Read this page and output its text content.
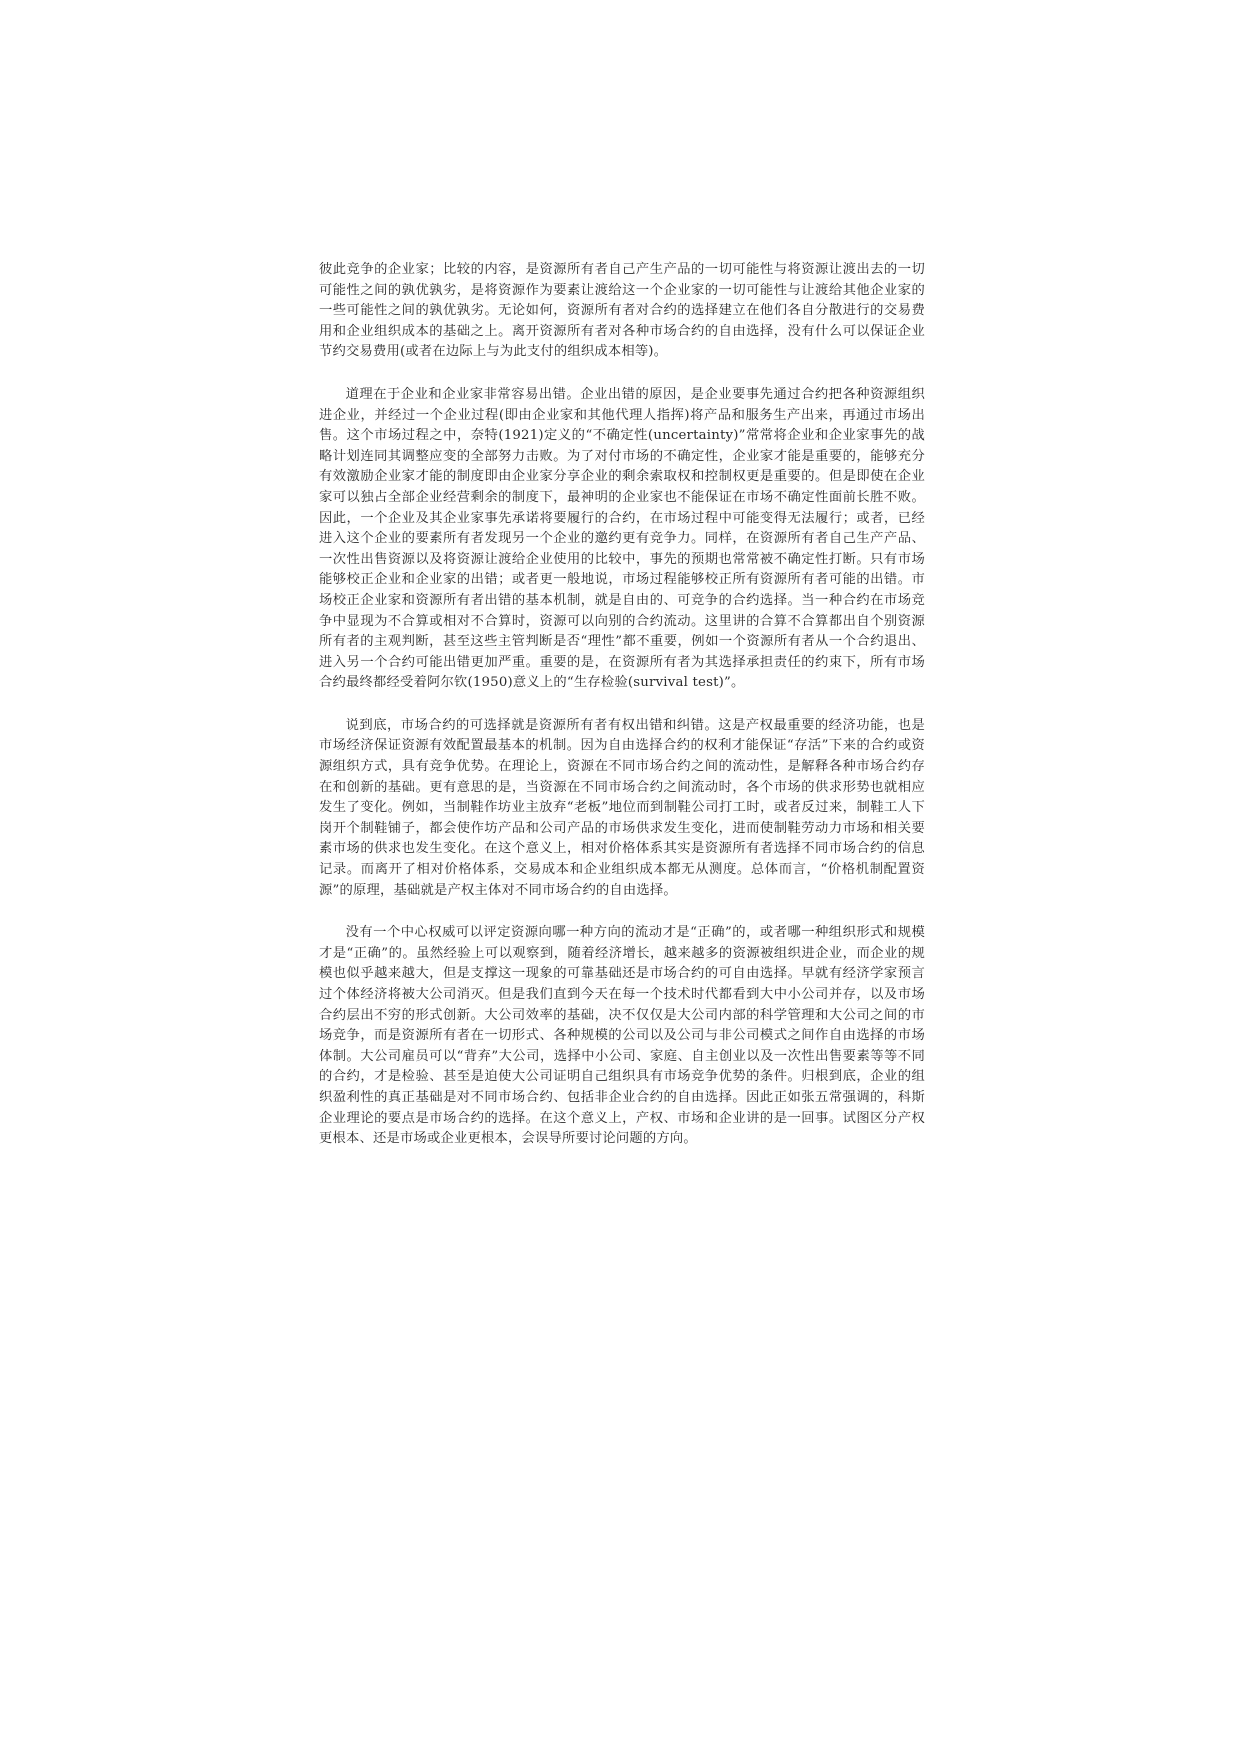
彼此竞争的企业家；比较的内容，是资源所有者自己产生产品的一切可能性与将资源让渡出去的一切可能性之间的孰优孰劣，是将资源作为要素让渡给这一个企业家的一切可能性与让渡给其他企业家的一些可能性之间的孰优孰劣。无论如何，资源所有者对合约的选择建立在他们各自分散进行的交易费用和企业组织成本的基础之上。离开资源所有者对各种市场合约的自由选择，没有什么可以保证企业节约交易费用(或者在边际上与为此支付的组织成本相等)。

道理在于企业和企业家非常容易出错。企业出错的原因，是企业要事先通过合约把各种资源组织进企业，并经过一个企业过程(即由企业家和其他代理人指挥)将产品和服务生产出来，再通过市场出售。这个市场过程之中，奈特(1921)定义的“不确定性(uncertainty)”常常将企业和企业家事先的战略计划连同其调整应变的全部努力击败。为了对付市场的不确定性，企业家才能是重要的，能够充分有效激励企业家才能的制度即由企业家分享企业的剩余索取权和控制权更是重要的。但是即使在企业家可以独占全部企业经营剩余的制度下，最神明的企业家也不能保证在市场不确定性面前长胜不败。因此，一个企业及其企业家事先承诺将要履行的合约，在市场过程中可能变得无法履行；或者，已经进入这个企业的要素所有者发现另一个企业的邀约更有竞争力。同样，在资源所有者自己生产产品、一次性出售资源以及将资源让渡给企业使用的比较中，事先的预期也常常被不确定性打断。只有市场能够校正企业和企业家的出错；或者更一般地说，市场过程能够校正所有资源所有者可能的出错。市场校正企业家和资源所有者出错的基本机制，就是自由的、可竞争的合约选择。当一种合约在市场竞争中显现为不合算或相对不合算时，资源可以向别的合约流动。这里讲的合算不合算都出自个别资源所有者的主观判断，甚至这些主管判断是否“理性”都不重要，例如一个资源所有者从一个合约退出、进入另一个合约可能出错更加严重。重要的是，在资源所有者为其选择承担责任的约束下，所有市场合约最终都经受着阿尔钦(1950)意义上的“生存检验(survival test)”。

说到底，市场合约的可选择就是资源所有者有权出错和纠错。这是产权最重要的经济功能，也是市场经济保证资源有效配置最基本的机制。因为自由选择合约的权利才能保证“存活”下来的合约或资源组织方式，具有竞争优势。在理论上，资源在不同市场合约之间的流动性，是解释各种市场合约存在和创新的基础。更有意思的是，当资源在不同市场合约之间流动时，各个市场的供求形势也就相应发生了变化。例如，当制鞋作坊业主放弃“老板”地位而到制鞋公司打工时，或者反过来，制鞋工人下岗开个制鞋铺子，都会使作坊产品和公司产品的市场供求发生变化，进而使制鞋劳动力市场和相关要素市场的供求也发生变化。在这个意义上，相对价格体系其实是资源所有者选择不同市场合约的信息记录。而离开了相对价格体系，交易成本和企业组织成本都无从测度。总体而言，“价格机制配置资源”的原理，基础就是产权主体对不同市场合约的自由选择。

没有一个中心权威可以评定资源向哪一种方向的流动才是“正确”的，或者哪一种组织形式和规模才是“正确”的。虽然经验上可以观察到，随着经济增长，越来越多的资源被组织进企业，而企业的规模也似乎越来越大，但是支撑这一现象的可靠基础还是市场合约的可自由选择。早就有经济学家预言过个体经济将被大公司消灭。但是我们直到今天在每一个技术时代都看到大中小公司并存，以及市场合约层出不穷的形式创新。大公司效率的基础，决不仅仅是大公司内部的科学管理和大公司之间的市场竞争，而是资源所有者在一切形式、各种规模的公司以及公司与非公司模式之间作自由选择的市场体制。大公司雇员可以“背弃”大公司，选择中小公司、家庭、自主创业以及一次性出售要素等等不同的合约，才是检验、甚至是迫使大公司证明自己组织具有市场竞争优势的条件。归根到底，企业的组织盈利性的真正基础是对不同市场合约、包括非企业合约的自由选择。因此正如张五常强调的，科斯企业理论的要点是市场合约的选择。在这个意义上，产权、市场和企业讲的是一回事。试图区分产权更根本、还是市场或企业更根本，会误导所要讨论问题的方向。
